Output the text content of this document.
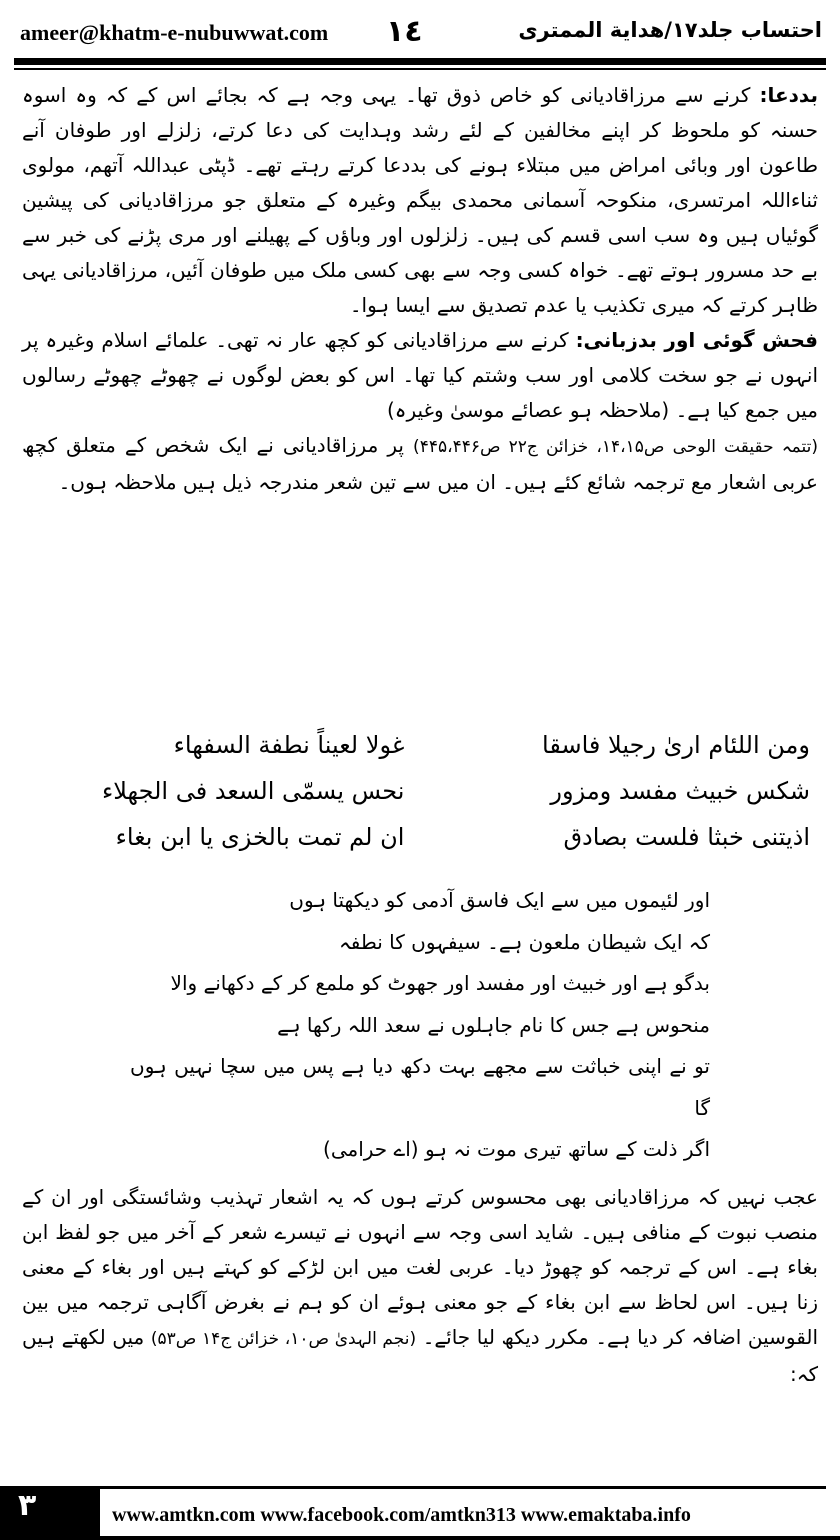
ameer@khatm-e-nubuwwat.com ١٤	احتساب جلد۱۷/هدایة الممتری

بددعا: کرنے سے مرزاقادیانی کو خاص ذوق تھا۔ یہی وجہ ہے کہ بجائے اس کے کہ وہ اسوہ حسنہ کو ملحوظ کر اپنے مخالفین کے لئے رشد وہدایت کی دعا کرتے، زلزلے اور طوفان آنے طاعون اور وبائی امراض میں مبتلاء ہونے کی بددعا کرتے رہتے تھے۔ ڈپٹی عبداللہ آتھم، مولوی ثناءاللہ امرتسری، منکوحہ آسمانی محمدی بیگم وغیرہ کے متعلق جو مرزاقادیانی کی پیشین گوئیاں ہیں وہ سب اسی قسم کی ہیں۔ زلزلوں اور وباؤں کے پھیلنے اور مری پڑنے کی خبر سے بے حد مسرور ہوتے تھے۔ خواہ کسی وجہ سے بھی کسی ملک میں طوفان آئیں، مرزاقادیانی یہی ظاہر کرتے کہ میری تکذیب یا عدم تصدیق سے ایسا ہوا۔

فحش گوئی اور بدزبانی: کرنے سے مرزاقادیانی کو کچھ عار نہ تھی۔ علمائے اسلام وغیرہ پر انہوں نے جو سخت کلامی اور سب وشتم کیا تھا۔ اس کو بعض لوگوں نے چھوٹے چھوٹے رسالوں میں جمع کیا ہے۔ (ملاحظہ ہو عصائے موسیٰ وغیرہ)

(تتمہ حقیقت الوحی ص۱۴،۱۵، خزائن ج۲۲ ص۴۴۵،۴۴۶) پر مرزاقادیانی نے ایک شخص کے متعلق کچھ عربی اشعار مع ترجمہ شائع کئے ہیں۔ ان میں سے تین شعر مندرجہ ذیل ہیں ملاحظہ ہوں۔

ومن اللئام ارىٰ رجيلا فاسقا
غولا لعيناً نطفة السفهاء
شكس خبيث مفسد ومزور
نحس يسمّى السعد فى الجهلاء
اذيتنى خبثا فلست بصادق
ان لم تمت بالخزى يا ابن بغاء

اور لئیموں میں سے ایک فاسق آدمی کو دیکھتا ہوں

کہ ایک شیطان ملعون ہے۔ سیفہوں کا نطفہ

بدگو ہے اور خبیث اور مفسد اور جھوٹ کو ملمع کر کے دکھانے والا

منحوس ہے جس کا نام جاہلوں نے سعد اللہ رکھا ہے

تو نے اپنی خباثت سے مجھے بہت دکھ دیا ہے پس میں سچا نہیں ہوں گا

اگر ذلت کے ساتھ تیری موت نہ ہو (اے حرامی)

عجب نہیں کہ مرزاقادیانی بھی محسوس کرتے ہوں کہ یہ اشعار تہذیب وشائستگی اور ان کے منصب نبوت کے منافی ہیں۔ شاید اسی وجہ سے انہوں نے تیسرے شعر کے آخر میں جو لفظ ابن بغاء ہے۔ اس کے ترجمہ کو چھوڑ دیا۔ عربی لغت میں ابن لڑکے کو کہتے ہیں اور بغاء کے معنی زنا ہیں۔ اس لحاظ سے ابن بغاء کے جو معنی ہوئے ان کو ہم نے بغرض آگاہی ترجمہ میں بین القوسین اضافہ کر دیا ہے۔ مکرر دیکھ لیا جائے۔ (نجم الہدیٰ ص۱۰، خزائن ج۱۴ ص۵۳) میں لکھتے ہیں کہ:

۳	www.amtkn.com www.facebook.com/amtkn313 www.emaktaba.info
